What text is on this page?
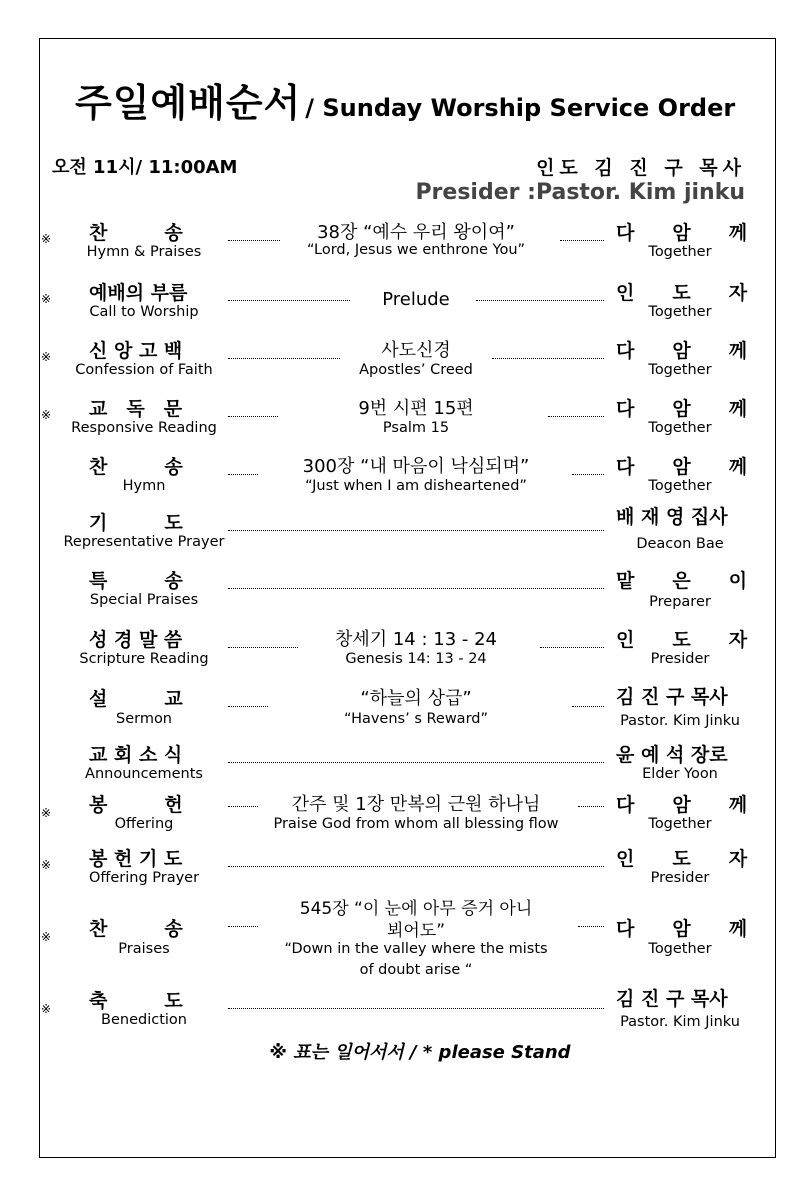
주일예배순서 / Sunday Worship Service Order
오전 11시/ 11:00AM	인도 김 진 구 목사
Presider :Pastor. Kim jinku
※ 찬　　　송
Hymn & Praises
38장 “예수 우리 왕이여”
“Lord, Jesus we enthrone You”
다　　암　　께
Together
※ 예배의 부름
Call to Worship
Prelude	인　　도　　자
Together
※ 신 앙 고 백
Confession of Faith
사도신경
Apostles’ Creed
다　　암　　께
Together
※ 교　독　문
Responsive Reading
9번 시편 15편
Psalm 15
다　　암　　께
Together
찬　　　송
Hymn
300장 “내 마음이 낙심되며”
“Just when I am disheartened”
다　　암　　께
Together
기　　　도
Representative Prayer
배 재 영 집사
Deacon Bae
특　　　송
Special Praises
맡　　은　　이
Preparer
성 경 말 씀
Scripture Reading
창세기 14 : 13 - 24
Genesis 14: 13 - 24
인　　도　　자
Presider
설　　　교
Sermon
“하늘의 상급”
“Havens’ s Reward”
김 진 구 목사
Pastor. Kim Jinku
교 회 소 식
Announcements
윤 예 석 장로
Elder Yoon
※ 봉　　　헌
Offering
간주 및 1장 만복의 근원 하나님
Praise God from whom all blessing flow
다　　암　　께
Together
※ 봉 헌 기 도
Offering Prayer
인　　도　　자
Presider
※ 찬　　　송
Praises
545장 “이 눈에 아무 증거 아니
뵈어도”
“Down in the valley where the mists
of doubt arise “
다　　암　　께
Together
※ 축　　　도
Benediction
김 진 구 목사
Pastor. Kim Jinku
※ 표는 일어서서 / * please Stand
